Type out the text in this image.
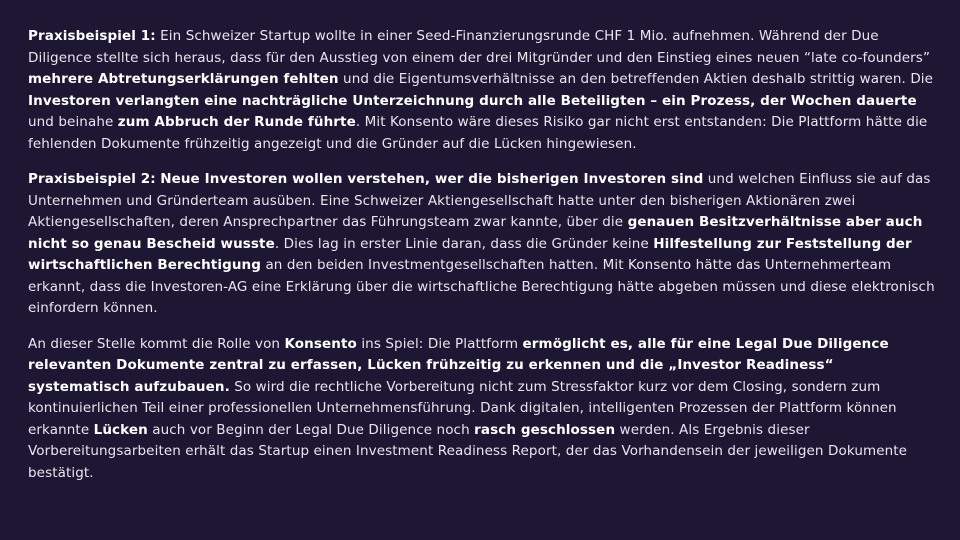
Praxisbeispiel 1: Ein Schweizer Startup wollte in einer Seed-Finanzierungsrunde CHF 1 Mio. aufnehmen. Während der Due Diligence stellte sich heraus, dass für den Ausstieg von einem der drei Mitgründer und den Einstieg eines neuen “late co-founders” mehrere Abtretungserklärungen fehlten und die Eigentumsverhältnisse an den betreffenden Aktien deshalb strittig waren. Die Investoren verlangten eine nachträgliche Unterzeichnung durch alle Beteiligten – ein Prozess, der Wochen dauerte und beinahe zum Abbruch der Runde führte. Mit Konsento wäre dieses Risiko gar nicht erst entstanden: Die Plattform hätte die fehlenden Dokumente frühzeitig angezeigt und die Gründer auf die Lücken hingewiesen.

Praxisbeispiel 2: Neue Investoren wollen verstehen, wer die bisherigen Investoren sind und welchen Einfluss sie auf das Unternehmen und Gründerteam ausüben. Eine Schweizer Aktiengesellschaft hatte unter den bisherigen Aktionären zwei Aktiengesellschaften, deren Ansprechpartner das Führungsteam zwar kannte, über die genauen Besitzverhältnisse aber auch nicht so genau Bescheid wusste. Dies lag in erster Linie daran, dass die Gründer keine Hilfestellung zur Feststellung der wirtschaftlichen Berechtigung an den beiden Investmentgesellschaften hatten. Mit Konsento hätte das Unternehmerteam erkannt, dass die Investoren-AG eine Erklärung über die wirtschaftliche Berechtigung hätte abgeben müssen und diese elektronisch einfordern können.

An dieser Stelle kommt die Rolle von Konsento ins Spiel: Die Plattform ermöglicht es, alle für eine Legal Due Diligence relevanten Dokumente zentral zu erfassen, Lücken frühzeitig zu erkennen und die „Investor Readiness“ systematisch aufzubauen. So wird die rechtliche Vorbereitung nicht zum Stressfaktor kurz vor dem Closing, sondern zum kontinuierlichen Teil einer professionellen Unternehmensführung. Dank digitalen, intelligenten Prozessen der Plattform können erkannte Lücken auch vor Beginn der Legal Due Diligence noch rasch geschlossen werden. Als Ergebnis dieser Vorbereitungsarbeiten erhält das Startup einen Investment Readiness Report, der das Vorhandensein der jeweiligen Dokumente bestätigt.
